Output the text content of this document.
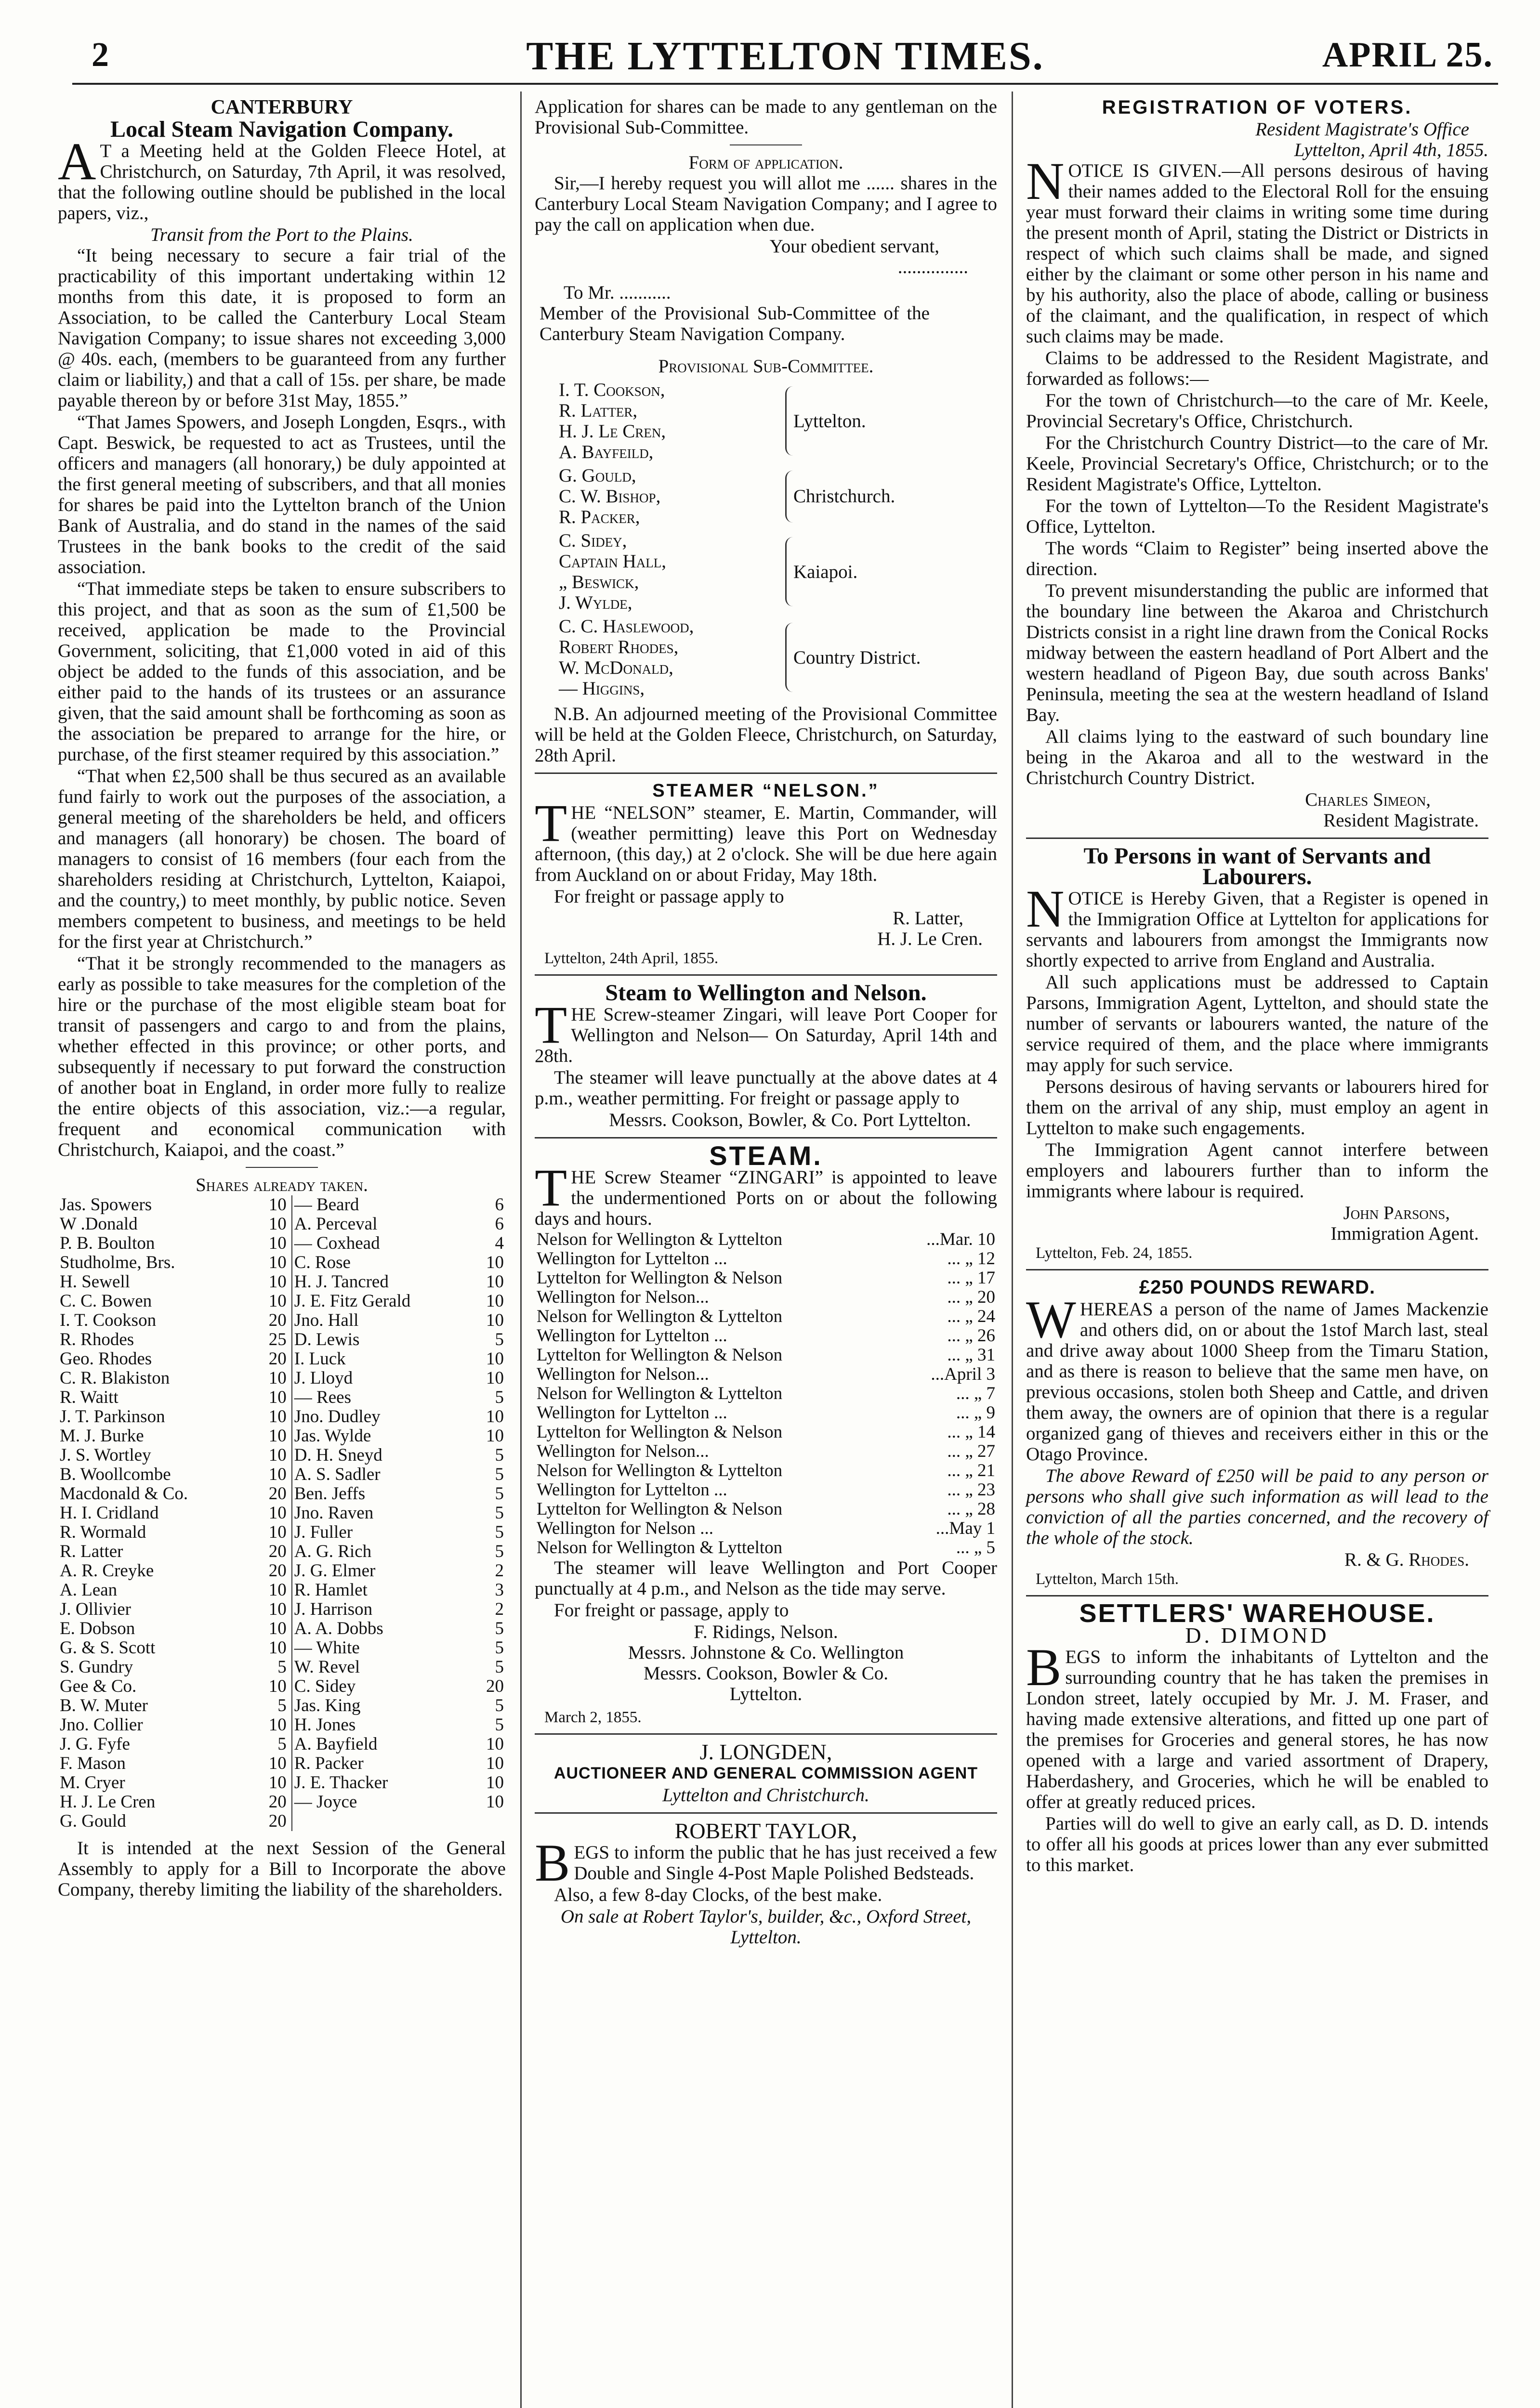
2	THE LYTTELTON TIMES.	APRIL 25.
CANTERBURY
Local Steam Navigation Company.

AT a Meeting held at the Golden Fleece Hotel, at Christchurch, on Saturday, 7th April, it was resolved, that the following outline should be published in the local papers, viz.,

Transit from the Port to the Plains.

“It being necessary to secure a fair trial of the practicability of this important undertaking within 12 months from this date, it is proposed to form an Association, to be called the Canterbury Local Steam Navigation Company; to issue shares not exceeding 3,000 @ 40s. each, (members to be guaranteed from any further claim or liability,) and that a call of 15s. per share, be made payable thereon by or before 31st May, 1855.”

“That James Spowers, and Joseph Longden, Esqrs., with Capt. Beswick, be requested to act as Trustees, until the officers and managers (all honorary,) be duly appointed at the first general meeting of subscribers, and that all monies for shares be paid into the Lyttelton branch of the Union Bank of Australia, and do stand in the names of the said Trustees in the bank books to the credit of the said association.

“That immediate steps be taken to ensure subscribers to this project, and that as soon as the sum of £1,500 be received, application be made to the Provincial Government, soliciting, that £1,000 voted in aid of this object be added to the funds of this association, and be either paid to the hands of its trustees or an assurance given, that the said amount shall be forthcoming as soon as the association be prepared to arrange for the hire, or purchase, of the first steamer required by this association.”

“That when £2,500 shall be thus secured as an available fund fairly to work out the purposes of the association, a general meeting of the shareholders be held, and officers and managers (all honorary) be chosen. The board of managers to consist of 16 members (four each from the shareholders residing at Christchurch, Lyttelton, Kaiapoi, and the country,) to meet monthly, by public notice. Seven members competent to business, and meetings to be held for the first year at Christchurch.”

“That it be strongly recommended to the managers as early as possible to take measures for the completion of the hire or the purchase of the most eligible steam boat for transit of passengers and cargo to and from the plains, whether effected in this province; or other ports, and subsequently if necessary to put forward the construction of another boat in England, in order more fully to realize the entire objects of this association, viz.:—a regular, frequent and economical communication with Christchurch, Kaiapoi, and the coast.”

Shares already taken.
Jas. Spowers	10	— Beard	6
W .Donald	10	A. Perceval	6
P. B. Boulton	10	— Coxhead	4
Studholme, Brs.	10	C. Rose	10
H. Sewell	10	H. J. Tancred	10
C. C. Bowen	10	J. E. Fitz Gerald	10
I. T. Cookson	20	Jno. Hall	10
R. Rhodes	25	D. Lewis	5
Geo. Rhodes	20	I. Luck	10
C. R. Blakiston	10	J. Lloyd	10
R. Waitt	10	— Rees	5
J. T. Parkinson	10	Jno. Dudley	10
M. J. Burke	10	Jas. Wylde	10
J. S. Wortley	10	D. H. Sneyd	5
B. Woollcombe	10	A. S. Sadler	5
Macdonald & Co.	20	Ben. Jeffs	5
H. I. Cridland	10	Jno. Raven	5
R. Wormald	10	J. Fuller	5
R. Latter	20	A. G. Rich	5
A. R. Creyke	20	J. G. Elmer	2
A. Lean	10	R. Hamlet	3
J. Ollivier	10	J. Harrison	2
E. Dobson	10	A. A. Dobbs	5
G. & S. Scott	10	— White	5
S. Gundry	5	W. Revel	5
Gee & Co.	10	C. Sidey	20
B. W. Muter	5	Jas. King	5
Jno. Collier	10	H. Jones	5
J. G. Fyfe	5	A. Bayfield	10
F. Mason	10	R. Packer	10
M. Cryer	10	J. E. Thacker	10
H. J. Le Cren	20	— Joyce	10
G. Gould	20		

It is intended at the next Session of the General Assembly to apply for a Bill to Incorporate the above Company, thereby limiting the liability of the shareholders.

Application for shares can be made to any gentleman on the Provisional Sub-Committee.

Form of application.

Sir,—I hereby request you will allot me ...... shares in the Canterbury Local Steam Navigation Company; and I agree to pay the call on application when due.

Your obedient servant,
...............
To Mr. ...........
Member of the Provisional Sub-Committee of the Canterbury Steam Navigation Company.
Provisional Sub-Committee.
I. T. Cookson,
R. Latter,
H. J. Le Cren,
A. Bayfeild,
Lyttelton.
G. Gould,
C. W. Bishop,
R. Packer,
Christchurch.
C. Sidey,
Captain Hall,
„ Beswick,
J. Wylde,
Kaiapoi.
C. C. Haslewood,
Robert Rhodes,
W. McDonald,
— Higgins,
Country District.

N.B. An adjourned meeting of the Provisional Committee will be held at the Golden Fleece, Christchurch, on Saturday, 28th April.

STEAMER “NELSON.”

THE “NELSON” steamer, E. Martin, Commander, will (weather permitting) leave this Port on Wednesday afternoon, (this day,) at 2 o'clock. She will be due here again from Auckland on or about Friday, May 18th.

For freight or passage apply to

R. Latter,
H. J. Le Cren.
Lyttelton, 24th April, 1855.
Steam to Wellington and Nelson.

THE Screw-steamer Zingari, will leave Port Cooper for Wellington and Nelson— On Saturday, April 14th and 28th.

The steamer will leave punctually at the above dates at 4 p.m., weather permitting. For freight or passage apply to

Messrs. Cookson, Bowler, & Co. Port Lyttelton.
STEAM.

THE Screw Steamer “ZINGARI” is appointed to leave the undermentioned Ports on or about the following days and hours.

Nelson for Wellington & Lyttelton	...Mar. 10
Wellington for Lyttelton ...	... „ 12
Lyttelton for Wellington & Nelson	... „ 17
Wellington for Nelson...	... „ 20
Nelson for Wellington & Lyttelton	... „ 24
Wellington for Lyttelton ...	... „ 26
Lyttelton for Wellington & Nelson	... „ 31
Wellington for Nelson...	...April 3
Nelson for Wellington & Lyttelton	... „ 7
Wellington for Lyttelton ...	... „ 9
Lyttelton for Wellington & Nelson	... „ 14
Wellington for Nelson...	... „ 27
Nelson for Wellington & Lyttelton	... „ 21
Wellington for Lyttelton ...	... „ 23
Lyttelton for Wellington & Nelson	... „ 28
Wellington for Nelson ...	...May 1
Nelson for Wellington & Lyttelton	... „ 5

The steamer will leave Wellington and Port Cooper punctually at 4 p.m., and Nelson as the tide may serve.

For freight or passage, apply to

F. Ridings, Nelson.
Messrs. Johnstone & Co. Wellington
Messrs. Cookson, Bowler & Co.
Lyttelton.
March 2, 1855.
J. LONGDEN,
AUCTIONEER AND GENERAL COMMISSION AGENT
Lyttelton and Christchurch.
ROBERT TAYLOR,

BEGS to inform the public that he has just received a few Double and Single 4-Post Maple Polished Bedsteads.

Also, a few 8-day Clocks, of the best make.

On sale at Robert Taylor's, builder, &c., Oxford Street, Lyttelton.
REGISTRATION OF VOTERS.
Resident Magistrate's Office
Lyttelton, April 4th, 1855.

NOTICE IS GIVEN.—All persons desirous of having their names added to the Electoral Roll for the ensuing year must forward their claims in writing some time during the present month of April, stating the District or Districts in respect of which such claims shall be made, and signed either by the claimant or some other person in his name and by his authority, also the place of abode, calling or business of the claimant, and the qualification, in respect of which such claims may be made.

Claims to be addressed to the Resident Magistrate, and forwarded as follows:—

For the town of Christchurch—to the care of Mr. Keele, Provincial Secretary's Office, Christchurch.

For the Christchurch Country District—to the care of Mr. Keele, Provincial Secretary's Office, Christchurch; or to the Resident Magistrate's Office, Lyttelton.

For the town of Lyttelton—To the Resident Magistrate's Office, Lyttelton.

The words “Claim to Register” being inserted above the direction.

To prevent misunderstanding the public are informed that the boundary line between the Akaroa and Christchurch Districts consist in a right line drawn from the Conical Rocks midway between the eastern headland of Port Albert and the western headland of Pigeon Bay, due south across Banks' Peninsula, meeting the sea at the western headland of Island Bay.

All claims lying to the eastward of such boundary line being in the Akaroa and all to the westward in the Christchurch Country District.

Charles Simeon,
Resident Magistrate.
To Persons in want of Servants and Labourers.

NOTICE is Hereby Given, that a Register is opened in the Immigration Office at Lyttelton for applications for servants and labourers from amongst the Immigrants now shortly expected to arrive from England and Australia.

All such applications must be addressed to Captain Parsons, Immigration Agent, Lyttelton, and should state the number of servants or labourers wanted, the nature of the service required of them, and the place where immigrants may apply for such service.

Persons desirous of having servants or labourers hired for them on the arrival of any ship, must employ an agent in Lyttelton to make such engagements.

The Immigration Agent cannot interfere between employers and labourers further than to inform the immigrants where labour is required.

John Parsons,
Immigration Agent.
Lyttelton, Feb. 24, 1855.
£250 POUNDS REWARD.

WHEREAS a person of the name of James Mackenzie and others did, on or about the 1stof March last, steal and drive away about 1000 Sheep from the Timaru Station, and as there is reason to believe that the same men have, on previous occasions, stolen both Sheep and Cattle, and driven them away, the owners are of opinion that there is a regular organized gang of thieves and receivers either in this or the Otago Province.

The above Reward of £250 will be paid to any person or persons who shall give such information as will lead to the conviction of all the parties concerned, and the recovery of the whole of the stock.

R. & G. Rhodes.
Lyttelton, March 15th.
SETTLERS' WAREHOUSE.
D. DIMOND

BEGS to inform the inhabitants of Lyttelton and the surrounding country that he has taken the premises in London street, lately occupied by Mr. J. M. Fraser, and having made extensive alterations, and fitted up one part of the premises for Groceries and general stores, he has now opened with a large and varied assortment of Drapery, Haberdashery, and Groceries, which he will be enabled to offer at greatly reduced prices.

Parties will do well to give an early call, as D. D. intends to offer all his goods at prices lower than any ever submitted to this market.
